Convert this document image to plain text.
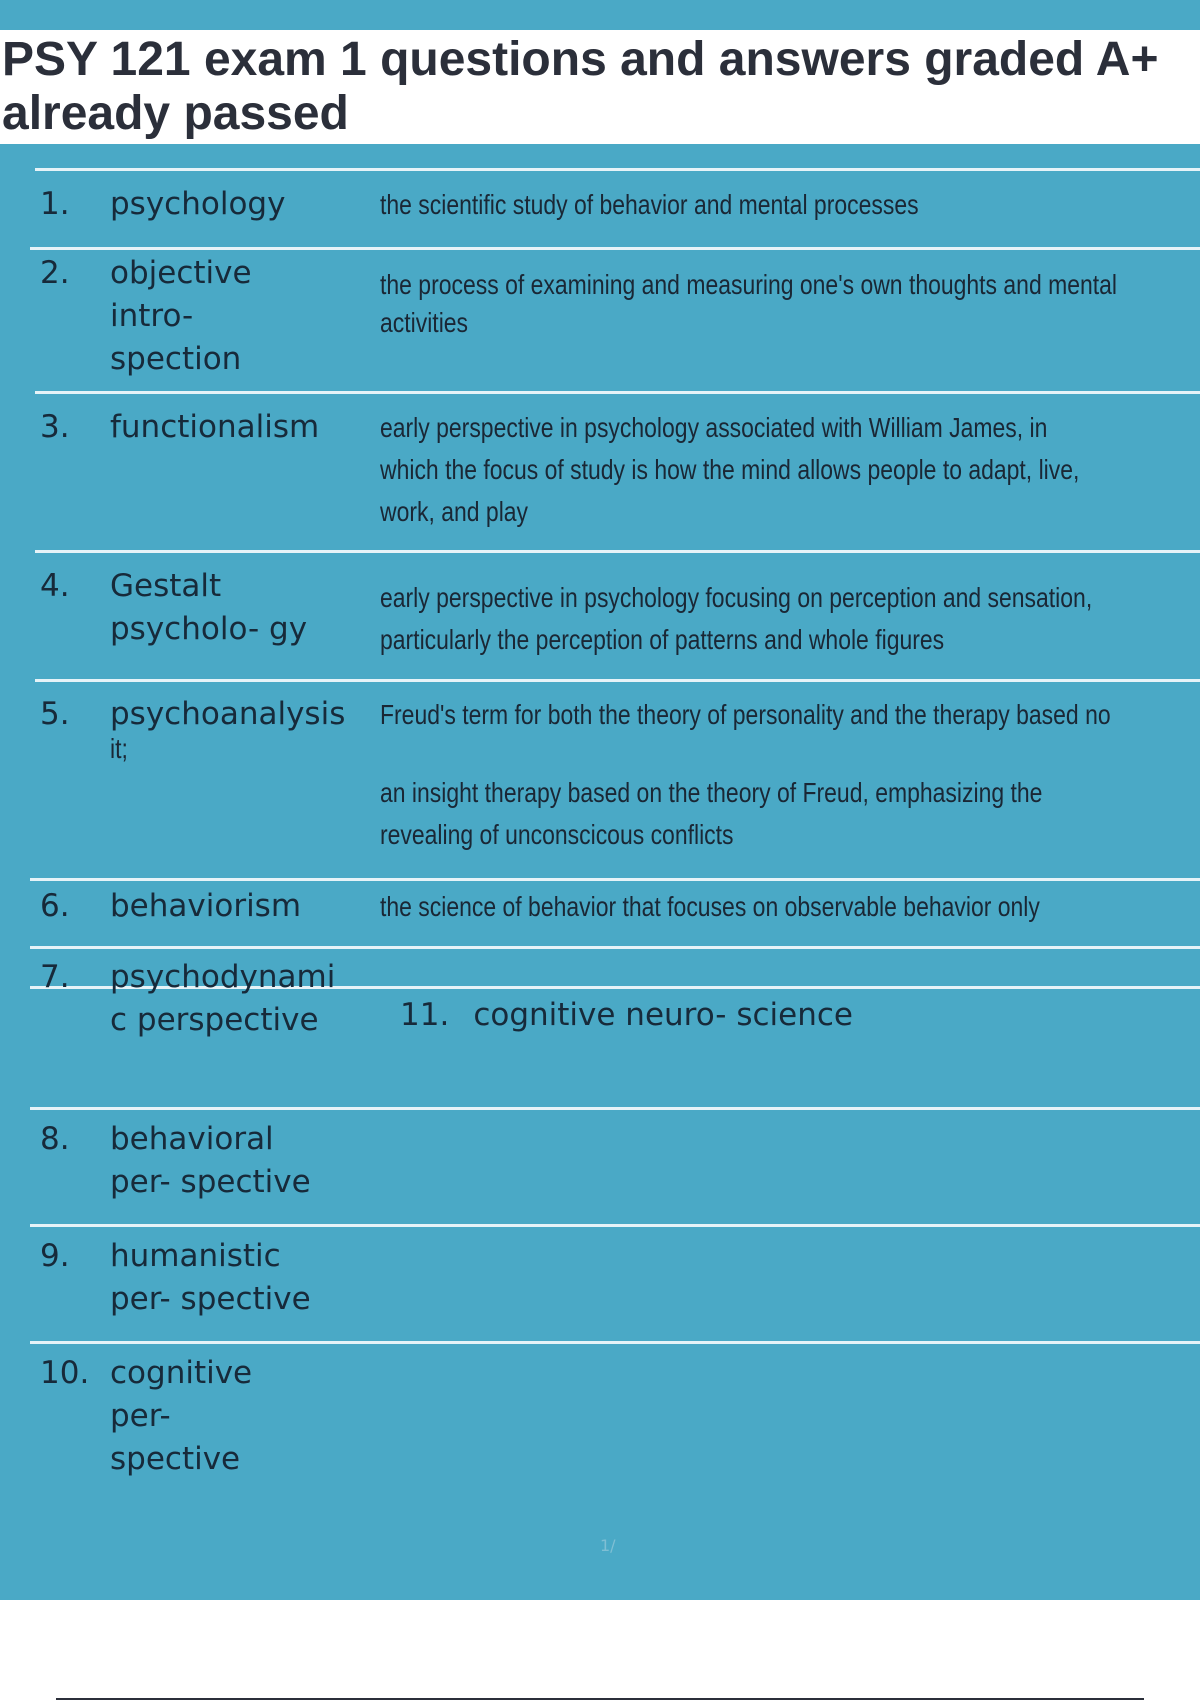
PSY 121 exam 1 questions and answers graded A+ already passed
1. psychology	the scientific study of behavior and mental processes
2. objective
intro-
spection
the process of examining and measuring one's own thoughts and mental
activities
3. functionalism early perspective in psychology associated with William James, in
which the focus of study is how the mind allows people to adapt, live,
work, and play
4. Gestalt
psycholo- gy
early perspective in psychology focusing on perception and sensation,
particularly the perception of patterns and whole figures
5. psychoanalysis Freud's term for both the theory of personality and the therapy based no
it;
an insight therapy based on the theory of Freud, emphasizing the
revealing of unconscicous conflicts
6. behaviorism	the science of behavior that focuses on observable behavior only
7. psychodynami
c perspective
8. behavioral
per- spective
9. humanistic
per- spective
10. cognitive
per-
spective
11. cognitive neuro- science
1/
